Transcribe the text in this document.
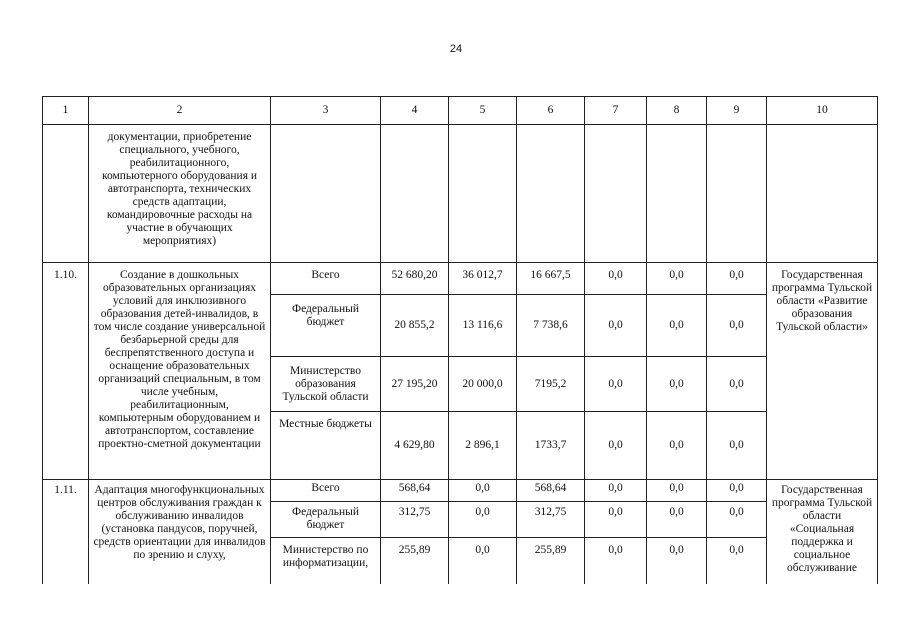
24
1	2	3	4	5	6	7	8	9	10
	документации, приобретение специального, учебного, реабилитационного, компьютерного оборудования и автотранспорта, технических средств адаптации, командировочные расходы на участие в обучающих мероприятиях)								
1.10.	Создание в дошкольных образовательных организациях условий для инклюзивного образования детей-инвалидов, в том числе создание универсальной безбарьерной среды для беспрепятственного доступа и оснащение образовательных организаций специальным, в том числе учебным, реабилитационным, компьютерным оборудованием и автотранспортом, составление проектно-сметной документации	Всего	52 680,20	36 012,7	16 667,5	0,0	0,0	0,0	Государственная программа Тульской области «Развитие образования Тульской области»
		Федеральный бюджет	20 855,2	13 116,6	7 738,6	0,0	0,0	0,0	
		Министерство образования Тульской области	27 195,20	20 000,0	7195,2	0,0	0,0	0,0	
		Местные бюджеты	4 629,80	2 896,1	1733,7	0,0	0,0	0,0	
1.11.	Адаптация многофункциональных центров обслуживания граждан к обслуживанию инвалидов (установка пандусов, поручней, средств ориентации для инвалидов по зрению и слуху,	Всего	568,64	0,0	568,64	0,0	0,0	0,0	Государственная программа Тульской области «Социальная поддержка и социальное обслуживание
		Федеральный бюджет	312,75	0,0	312,75	0,0	0,0	0,0	
		Министерство по информатизации,	255,89	0,0	255,89	0,0	0,0	0,0	
